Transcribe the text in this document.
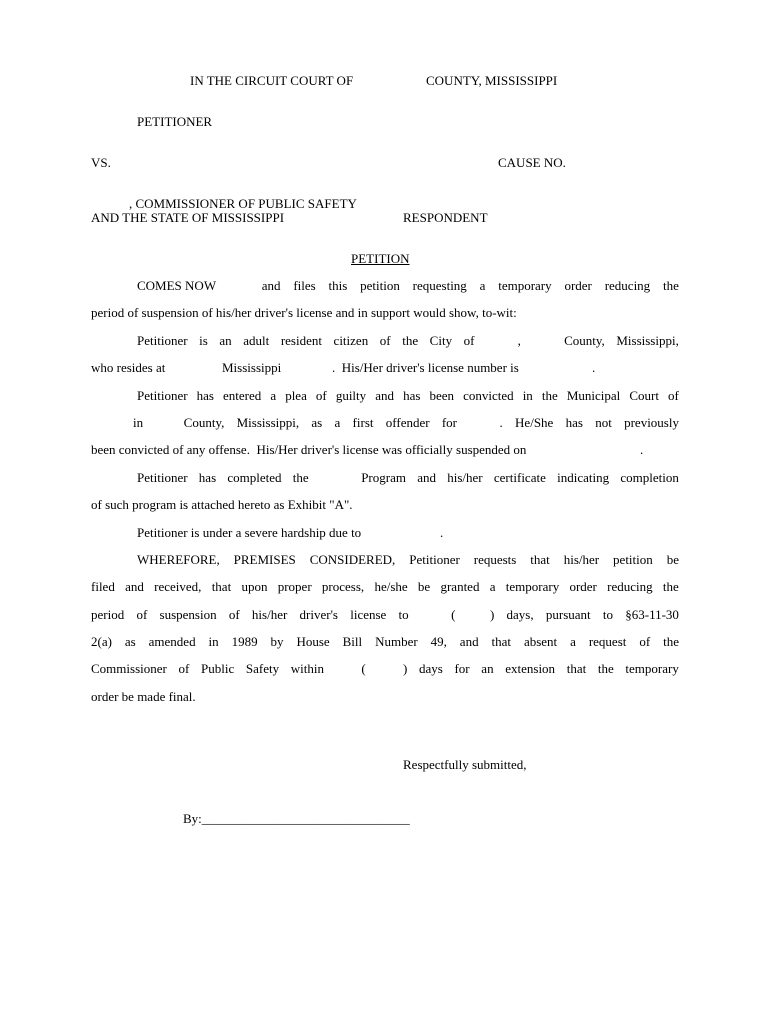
IN THE CIRCUIT COURT OF	COUNTY, MISSISSIPPI
PETITIONER
VS.	CAUSE NO.
, COMMISSIONER OF PUBLIC SAFETY
AND THE STATE OF MISSISSIPPI	RESPONDENT
PETITION
COMES NOW	and files this petition requesting a temporary order reducing the
period of suspension of his/her driver's license and in support would show, to-wit:
Petitioner is an adult resident citizen of the City of	,	County, Mississippi,
who resides at	Mississippi	.  His/Her driver's license number is	.
Petitioner has entered a plea of guilty and has been convicted in the Municipal Court of
in	County, Mississippi, as a first offender for	. He/She has not previously
been convicted of any offense.  His/Her driver's license was officially suspended on	.
Petitioner has completed the	Program and his/her certificate indicating completion
of such program is attached hereto as Exhibit "A".
Petitioner is under a severe hardship due to	.
WHEREFORE, PREMISES CONSIDERED, Petitioner requests that his/her petition be
filed and received, that upon proper process, he/she be granted a temporary order reducing the
period of suspension of his/her driver's license to	(	) days, pursuant to §63-11-30
2(a) as amended in 1989 by House Bill Number 49, and that absent a request of the
Commissioner of Public Safety within	(	) days for an extension that the temporary
order be made final.
Respectfully submitted,
By:________________________________
